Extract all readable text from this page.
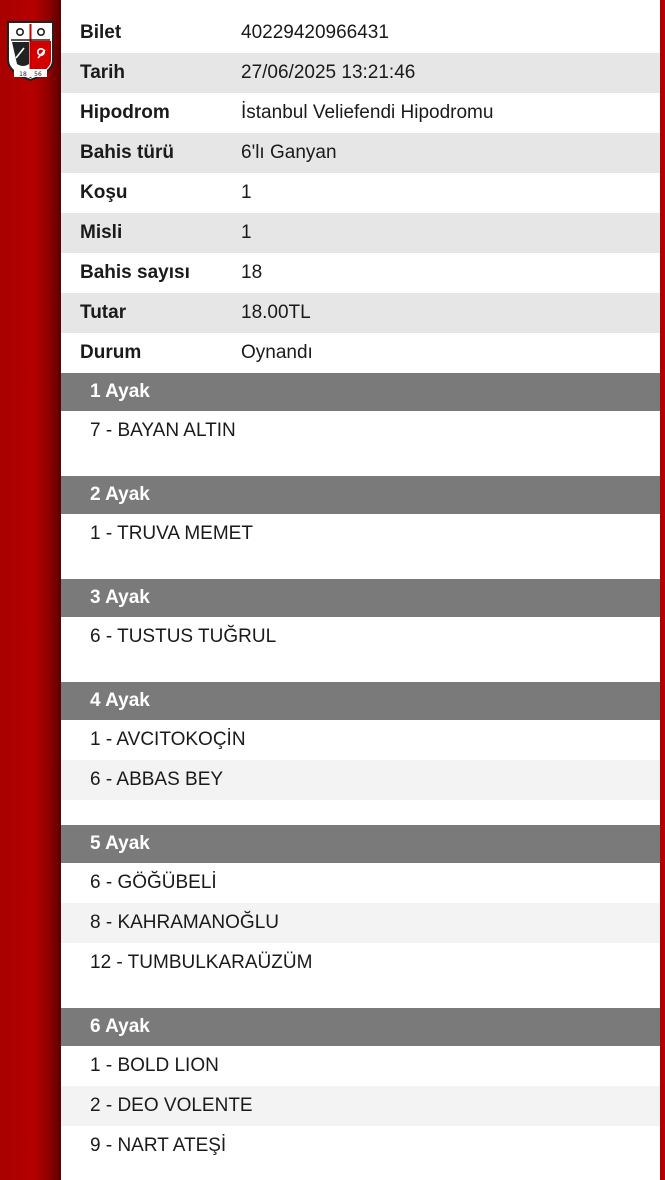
18 56
Bilet	40229420966431
Tarih	27/06/2025 13:21:46
Hipodrom	İstanbul Veliefendi Hipodromu
Bahis türü	6'lı Ganyan
Koşu	1
Misli	1
Bahis sayısı	18
Tutar	18.00TL
Durum	Oynandı
1 Ayak
7 - BAYAN ALTIN
2 Ayak
1 - TRUVA MEMET
3 Ayak
6 - TUSTUS TUĞRUL
4 Ayak
1 - AVCITOKOÇİN
6 - ABBAS BEY
5 Ayak
6 - GÖĞÜBELİ
8 - KAHRAMANOĞLU
12 - TUMBULKARAÜZÜM
6 Ayak
1 - BOLD LION
2 - DEO VOLENTE
9 - NART ATEŞİ
